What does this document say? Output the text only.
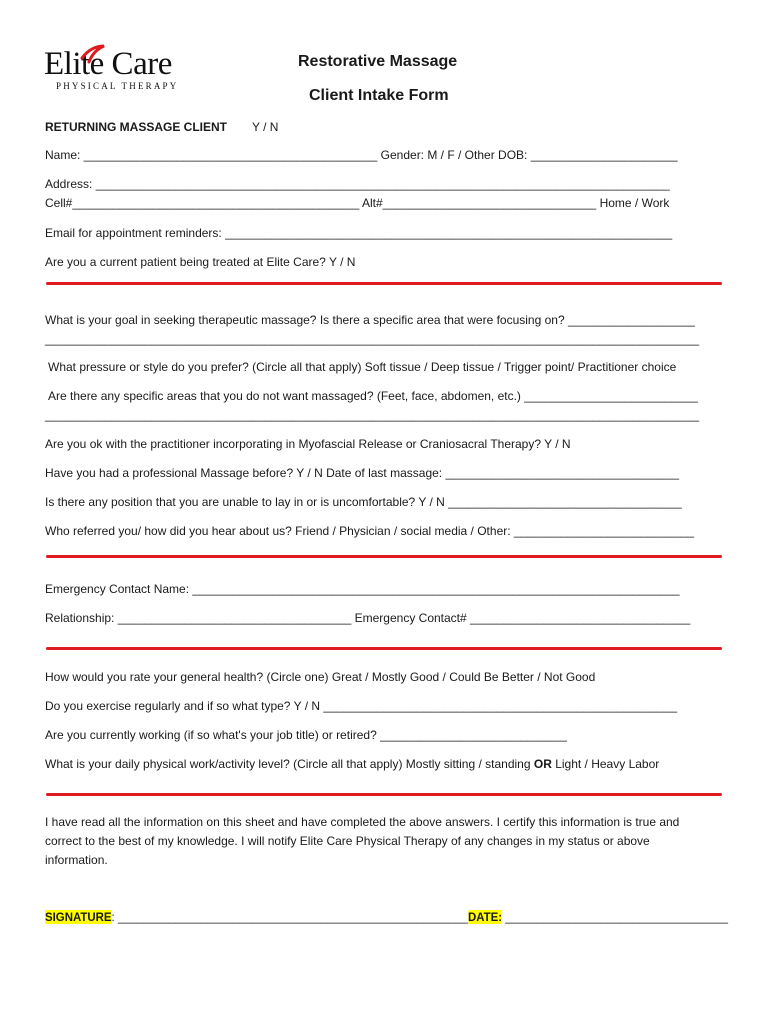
Elite Care
PHYSICAL THERAPY
Restorative Massage
Client Intake Form
RETURNING MASSAGE CLIENT Y / N
Name: ____________________________________________ Gender: M / F / Other DOB: ______________________
Address: ______________________________________________________________________________________
Cell#___________________________________________ Alt#________________________________ Home / Work
Email for appointment reminders: ___________________________________________________________________
Are you a current patient being treated at Elite Care? Y / N
What is your goal in seeking therapeutic massage? Is there a specific area that were focusing on? ___________________
__________________________________________________________________________________________________
What pressure or style do you prefer? (Circle all that apply) Soft tissue / Deep tissue / Trigger point/ Practitioner choice
Are there any specific areas that you do not want massaged? (Feet, face, abdomen, etc.) __________________________
__________________________________________________________________________________________________
Are you ok with the practitioner incorporating in Myofascial Release or Craniosacral Therapy? Y / N
Have you had a professional Massage before? Y / N Date of last massage: ___________________________________
Is there any position that you are unable to lay in or is uncomfortable? Y / N ___________________________________
Who referred you/ how did you hear about us? Friend / Physician / social media / Other: ___________________________
Emergency Contact Name: _________________________________________________________________________
Relationship: ___________________________________ Emergency Contact# _________________________________
How would you rate your general health? (Circle one) Great / Mostly Good / Could Be Better / Not Good
Do you exercise regularly and if so what type? Y / N _____________________________________________________
Are you currently working (if so what's your job title) or retired? ____________________________
What is your daily physical work/activity level? (Circle all that apply) Mostly sitting / standing OR Light / Heavy Labor
I have read all the information on this sheet and have completed the above answers. I certify this information is true and
correct to the best of my knowledge. I will notify Elite Care Physical Therapy of any changes in my status or above
information.
SIGNATURE: _______________________________________________________DATE: ___________________________________
